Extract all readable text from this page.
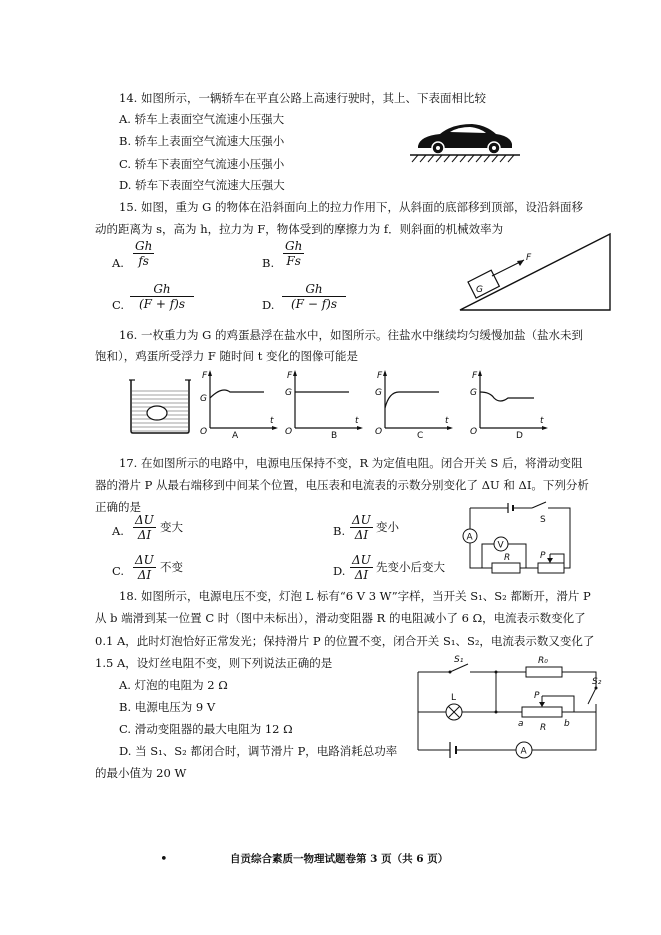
14. 如图所示，一辆轿车在平直公路上高速行驶时，其上、下表面相比较
A. 轿车上表面空气流速小压强大
B. 轿车上表面空气流速大压强小
C. 轿车下表面空气流速小压强小
D. 轿车下表面空气流速大压强大
15. 如图，重为 G 的物体在沿斜面向上的拉力作用下，从斜面的底部移到顶部，设沿斜面移
动的距离为 s，高为 h，拉力为 F，物体受到的摩擦力为 f．则斜面的机械效率为
A. $\frac{Gh}{fs}$	B. $\frac{Gh}{Fs}$
C. $\frac{Gh}{(F + f)s}$	D. $\frac{Gh}{(F - f)s}$	G
F
16. 一枚重力为 G 的鸡蛋悬浮在盐水中，如图所示。往盐水中继续均匀缓慢加盐（盐水未到
饱和），鸡蛋所受浮力 F 随时间 t 变化的图像可能是
F
G
O
t
A
F
G
O
t
B
F
G
O
t
C
F
G
O
t
D
17. 在如图所示的电路中，电源电压保持不变，R 为定值电阻。闭合开关 S 后，将滑动变阻
器的滑片 P 从最右端移到中间某个位置，电压表和电流表的示数分别变化了 ΔU 和 ΔI。下列分析
正确的是
A. $\frac{\Delta U}{\Delta I}$ 变大	B. $\frac{\Delta U}{\Delta I}$ 变小
C. $\frac{\Delta U}{\Delta I}$ 不变	D. $\frac{\Delta U}{\Delta I}$ 先变小后变大
S
A
V
R	P
18. 如图所示，电源电压不变，灯泡 L 标有“6 V 3 W”字样，当开关 S₁、S₂ 都断开，滑片 P
从 b 端滑到某一位置 C 时（图中未标出），滑动变阻器 R 的电阻减小了 6 Ω，电流表示数变化了
0.1 A，此时灯泡恰好正常发光；保持滑片 P 的位置不变，闭合开关 S₁、S₂，电流表示数又变化了
1.5 A，设灯丝电阻不变，则下列说法正确的是
A. 灯泡的电阻为 2 Ω
B. 电源电压为 9 V
C. 滑动变阻器的最大电阻为 12 Ω
D. 当 S₁、S₂ 都闭合时，调节滑片 P，电路消耗总功率
的最小值为 20 W
S₁	R₀
L	P
a	b
R
S₂
A
•	自贡综合素质一物理试题卷第 3 页（共 6 页）
